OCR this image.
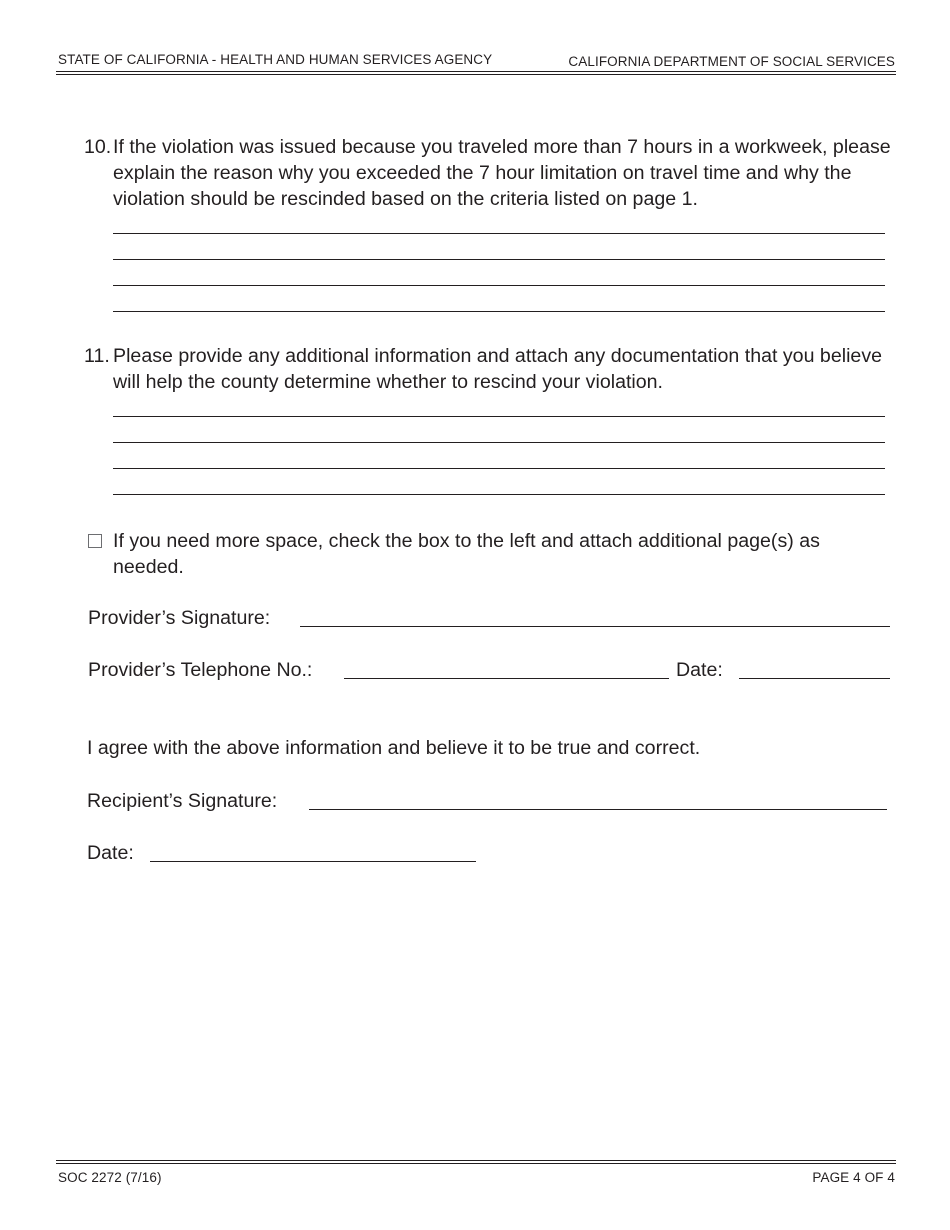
STATE OF CALIFORNIA - HEALTH AND HUMAN SERVICES AGENCY	CALIFORNIA DEPARTMENT OF SOCIAL SERVICES
10. If the violation was issued because you traveled more than 7 hours in a workweek, please explain the reason why you exceeded the 7 hour limitation on travel time and why the violation should be rescinded based on the criteria listed on page 1.
11. Please provide any additional information and attach any documentation that you believe will help the county determine whether to rescind your violation.
If you need more space, check the box to the left and attach additional page(s) as needed.
Provider’s Signature:
Provider’s Telephone No.:	Date:
I agree with the above information and believe it to be true and correct.
Recipient’s Signature:
Date:
SOC 2272 (7/16)	PAGE 4 OF 4
